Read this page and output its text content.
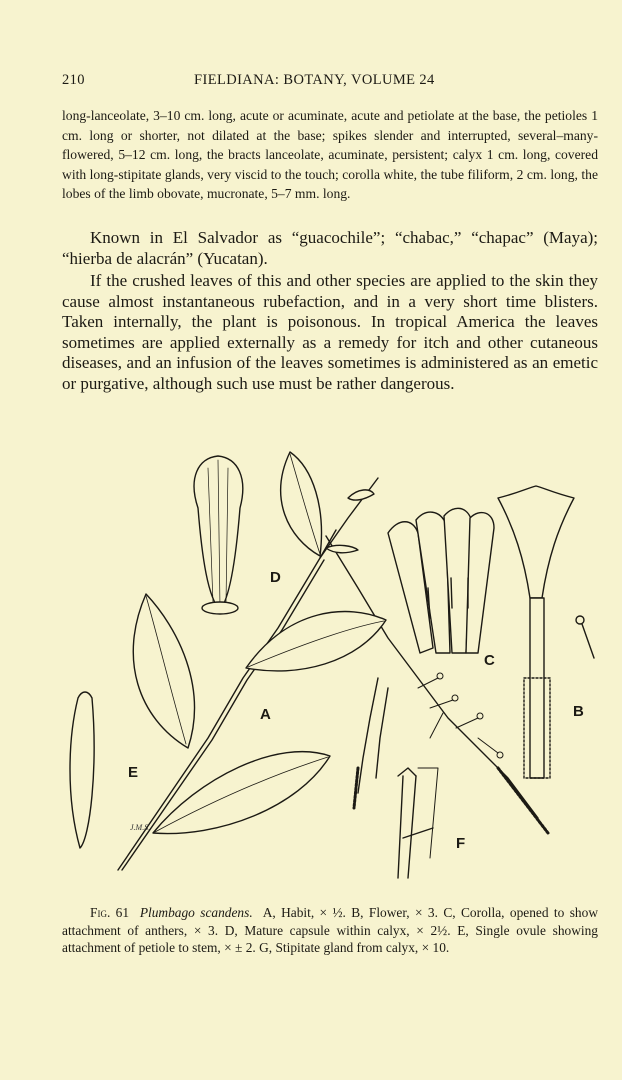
210	FIELDIANA: BOTANY, VOLUME 24

long-lanceolate, 3–10 cm. long, acute or acuminate, acute and petiolate at the base, the petioles 1 cm. long or shorter, not dilated at the base; spikes slender and interrupted, several–many-flowered, 5–12 cm. long, the bracts lanceolate, acuminate, persistent; calyx 1 cm. long, covered with long-stipitate glands, very viscid to the touch; corolla white, the tube filiform, 2 cm. long, the lobes of the limb obovate, mucronate, 5–7 mm. long.

Known in El Salvador as “guacochile”; “chabac,” “chapac” (Maya); “hierba de alacrán” (Yucatan).

If the crushed leaves of this and other species are applied to the skin they cause almost instantaneous rubefaction, and in a very short time blisters. Taken internally, the plant is poisonous. In tropical America the leaves sometimes are applied externally as a remedy for itch and other cutaneous diseases, and an infusion of the leaves sometimes is administered as an emetic or purgative, although such use must be rather dangerous.

D
A
C
B
E
F
J.M.S.

Fig. 61 Plumbago scandens. A, Habit, × ½. B, Flower, × 3. C, Corolla, opened to show attachment of anthers, × 3. D, Mature capsule within calyx, × 2½. E, Single ovule showing attachment of petiole to stem, × ± 2. G, Stipitate gland from calyx, × 10.
